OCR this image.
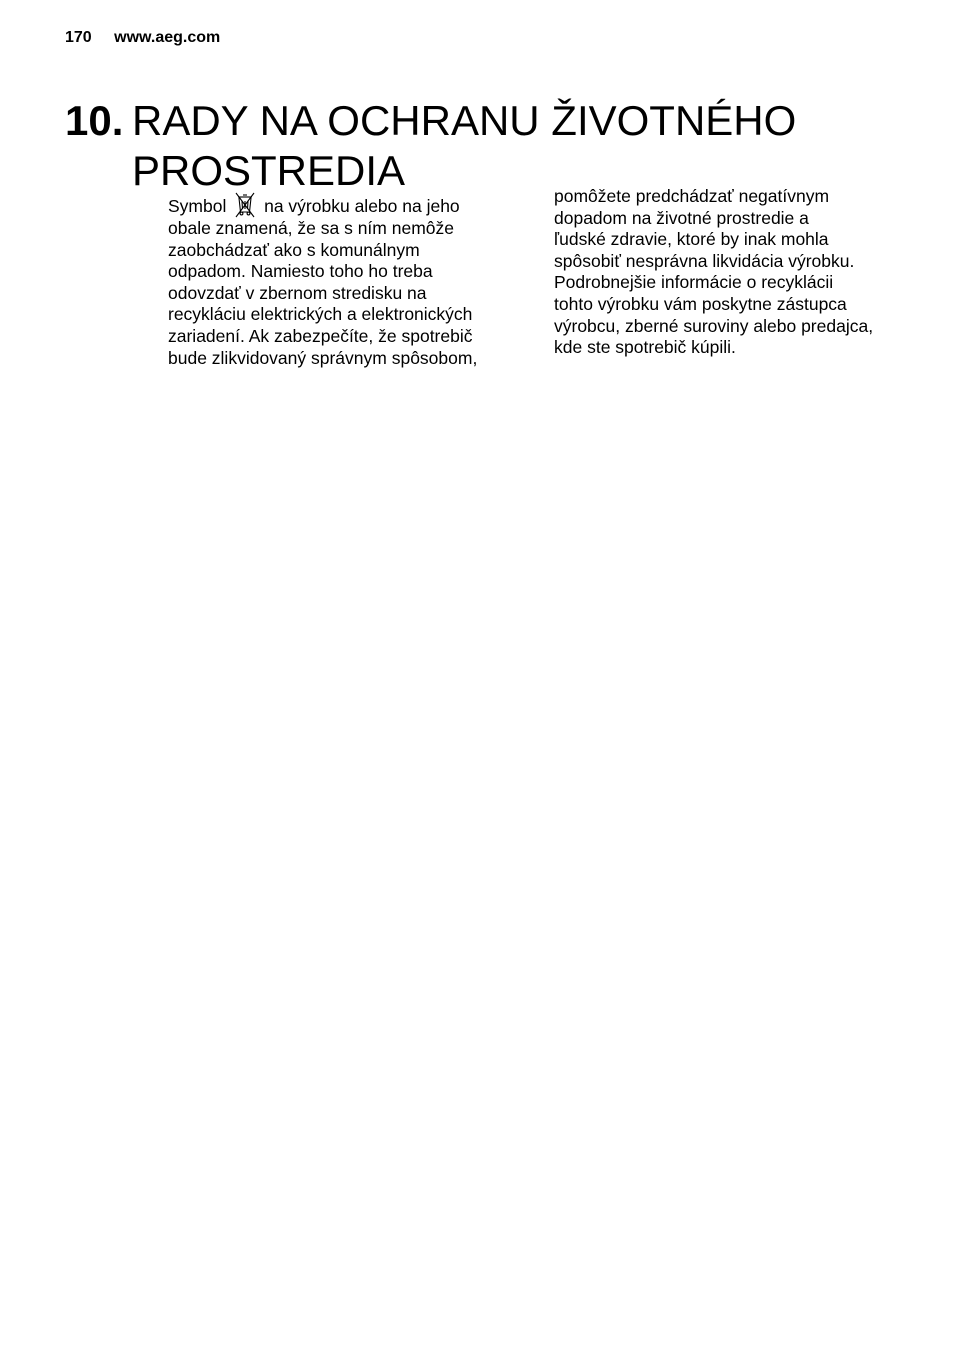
170 www.aeg.com
10. RADY NA OCHRANU ŽIVOTNÉHO
PROSTREDIA
Symbol na výrobku alebo na jeho
obale znamená, že sa s ním nemôže
zaobchádzať ako s komunálnym
odpadom. Namiesto toho ho treba
odovzdať v zbernom stredisku na
recykláciu elektrických a elektronických
zariadení. Ak zabezpečíte, že spotrebič
bude zlikvidovaný správnym spôsobom,
pomôžete predchádzať negatívnym
dopadom na životné prostredie a
ľudské zdravie, ktoré by inak mohla
spôsobiť nesprávna likvidácia výrobku.
Podrobnejšie informácie o recyklácii
tohto výrobku vám poskytne zástupca
výrobcu, zberné suroviny alebo predajca,
kde ste spotrebič kúpili.
